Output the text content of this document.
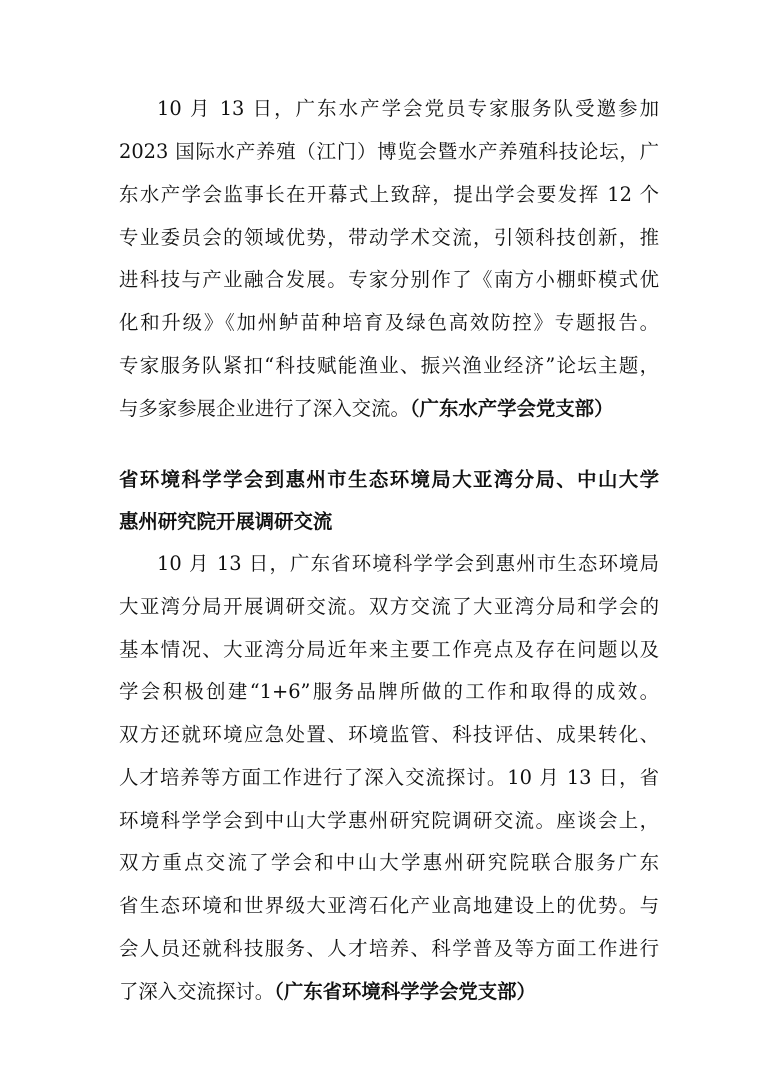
10 月 13 日，广东水产学会党员专家服务队受邀参加
2023 国际水产养殖（江门）博览会暨水产养殖科技论坛，广
东水产学会监事长在开幕式上致辞，提出学会要发挥 12 个
专业委员会的领域优势，带动学术交流，引领科技创新，推
进科技与产业融合发展。专家分别作了《南方小棚虾模式优
化和升级》《加州鲈苗种培育及绿色高效防控》专题报告。
专家服务队紧扣“科技赋能渔业、振兴渔业经济”论坛主题，
与多家参展企业进行了深入交流。（广东水产学会党支部）
省环境科学学会到惠州市生态环境局大亚湾分局、中山大学
惠州研究院开展调研交流
10 月 13 日，广东省环境科学学会到惠州市生态环境局
大亚湾分局开展调研交流。双方交流了大亚湾分局和学会的
基本情况、大亚湾分局近年来主要工作亮点及存在问题以及
学会积极创建“1+6”服务品牌所做的工作和取得的成效。
双方还就环境应急处置、环境监管、科技评估、成果转化、
人才培养等方面工作进行了深入交流探讨。10 月 13 日，省
环境科学学会到中山大学惠州研究院调研交流。座谈会上，
双方重点交流了学会和中山大学惠州研究院联合服务广东
省生态环境和世界级大亚湾石化产业高地建设上的优势。与
会人员还就科技服务、人才培养、科学普及等方面工作进行
了深入交流探讨。（广东省环境科学学会党支部）
